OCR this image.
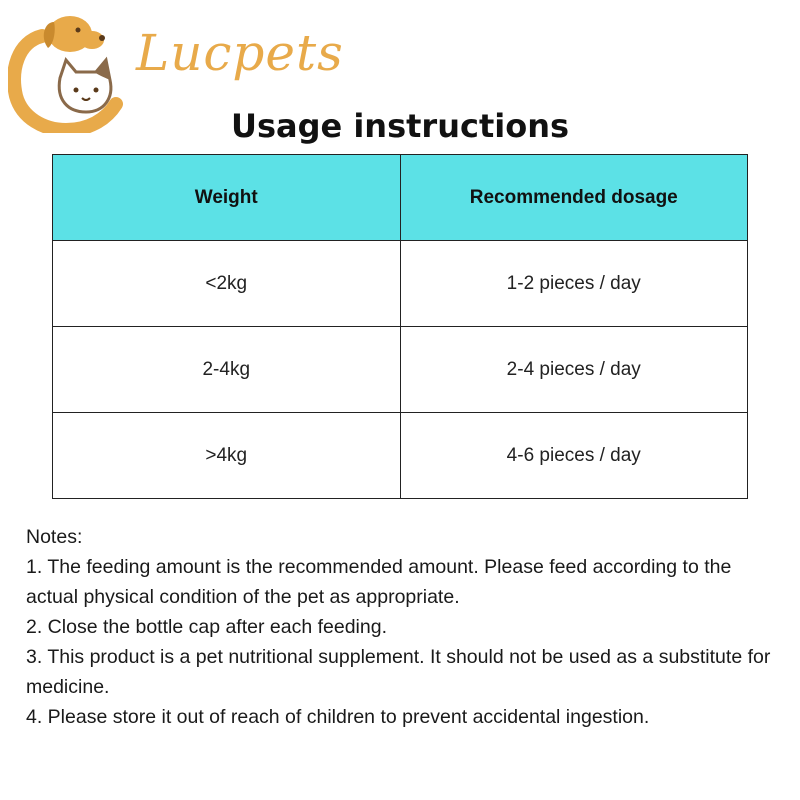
Lucpets
Usage instructions
Weight	Recommended dosage
<2kg	1-2 pieces / day
2-4kg	2-4 pieces / day
>4kg	4-6 pieces / day

Notes:

1. The feeding amount is the recommended amount. Please feed according to the actual physical condition of the pet as appropriate.

2. Close the bottle cap after each feeding.

3. This product is a pet nutritional supplement. It should not be used as a substitute for medicine.

4. Please store it out of reach of children to prevent accidental ingestion.
